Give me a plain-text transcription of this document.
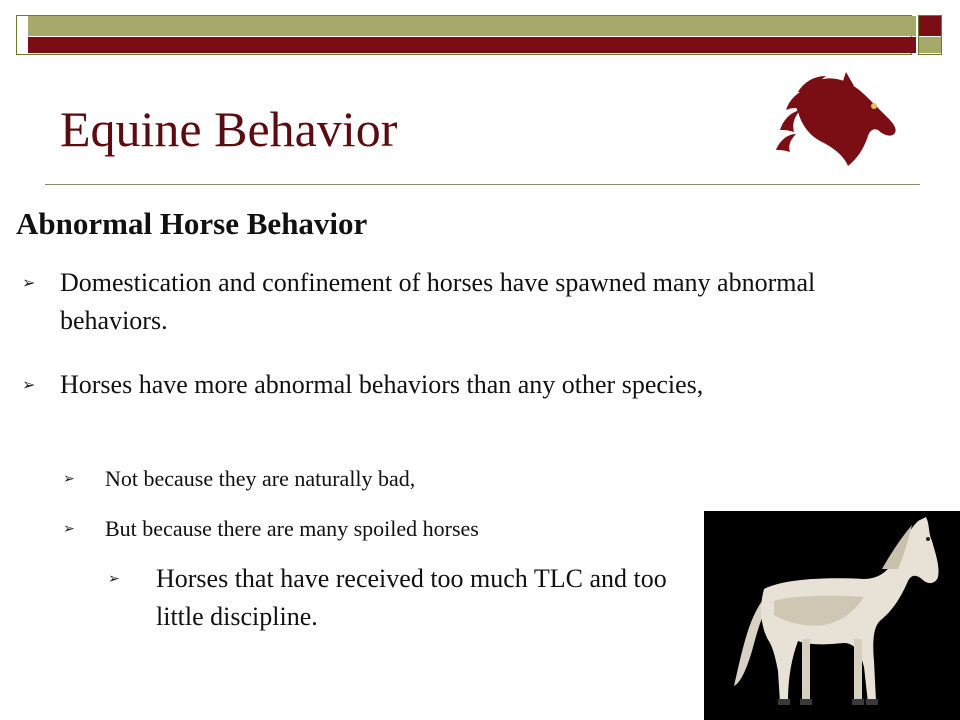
Equine Behavior
Abnormal Horse Behavior
➢ Domestication and confinement of horses have spawned many abnormal behaviors.
➢ Horses have more abnormal behaviors than any other species,
➢ Not because they are naturally bad,
➢ But because there are many spoiled horses
➢ Horses that have received too much TLC and too little discipline.
